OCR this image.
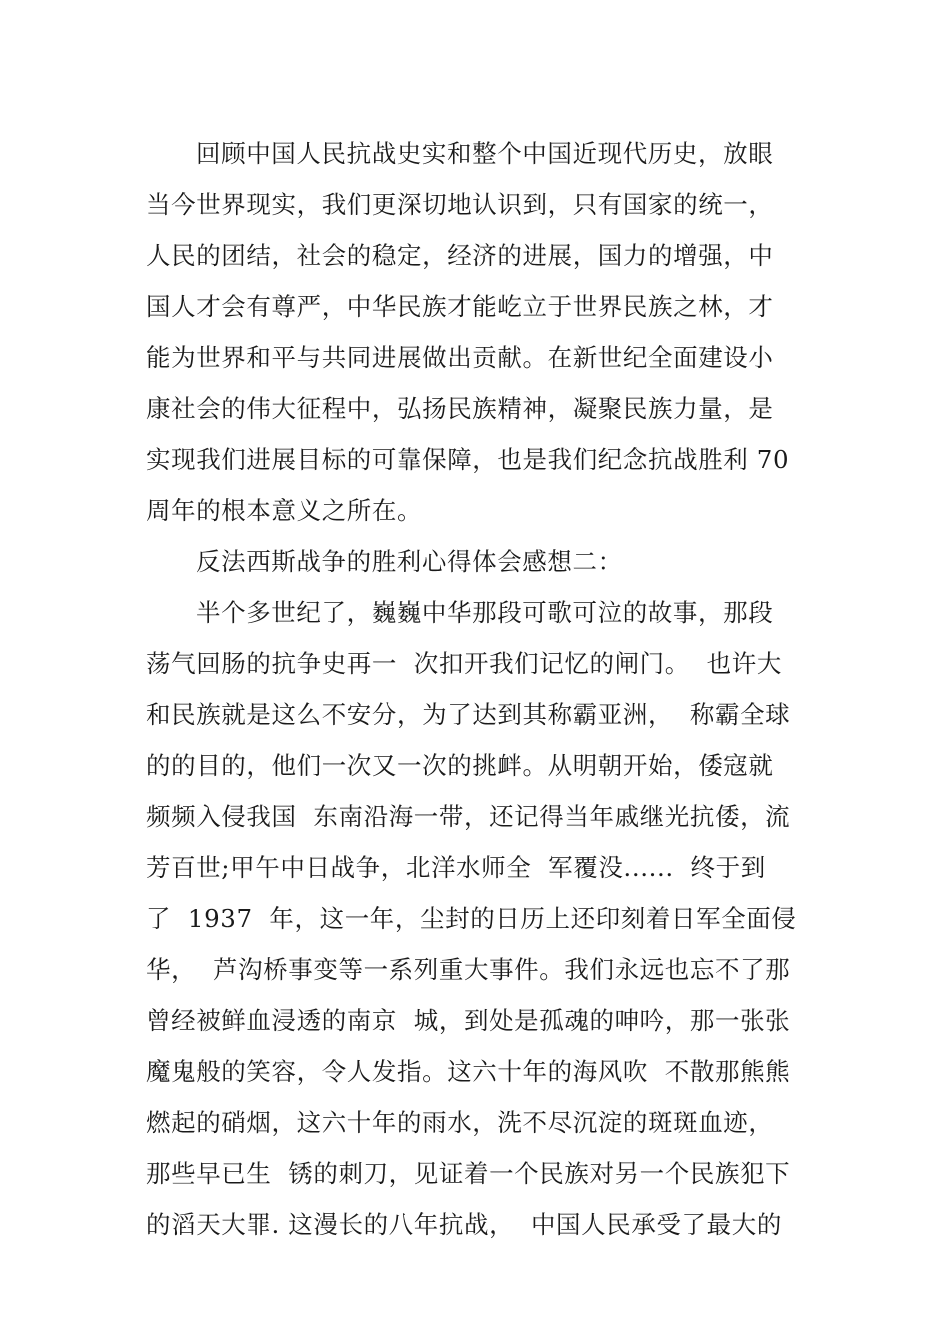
回顾中国人民抗战史实和整个中国近现代历史，放眼
当今世界现实，我们更深切地认识到，只有国家的统一，
人民的团结，社会的稳定，经济的进展，国力的增强，中
国人才会有尊严，中华民族才能屹立于世界民族之林，才
能为世界和平与共同进展做出贡献。在新世纪全面建设小
康社会的伟大征程中，弘扬民族精神，凝聚民族力量，是
实现我们进展目标的可靠保障，也是我们纪念抗战胜利 70
周年的根本意义之所在。
反法西斯战争的胜利心得体会感想二：
半个多世纪了，巍巍中华那段可歌可泣的故事，那段
荡气回肠的抗争史再一  次扣开我们记忆的闸门。  也许大
和民族就是这么不安分，为了达到其称霸亚洲，  称霸全球
的的目的，他们一次又一次的挑衅。从明朝开始，倭寇就
频频入侵我国  东南沿海一带，还记得当年戚继光抗倭，流
芳百世;甲午中日战争，北洋水师全  军覆没......  终于到
了  1937  年，这一年，尘封的日历上还印刻着日军全面侵
华，  芦沟桥事变等一系列重大事件。我们永远也忘不了那
曾经被鲜血浸透的南京  城，到处是孤魂的呻吟，那一张张
魔鬼般的笑容，令人发指。这六十年的海风吹  不散那熊熊
燃起的硝烟，这六十年的雨水，洗不尽沉淀的斑斑血迹，
那些早已生  锈的刺刀，见证着一个民族对另一个民族犯下
的滔天大罪. 这漫长的八年抗战，  中国人民承受了最大的
